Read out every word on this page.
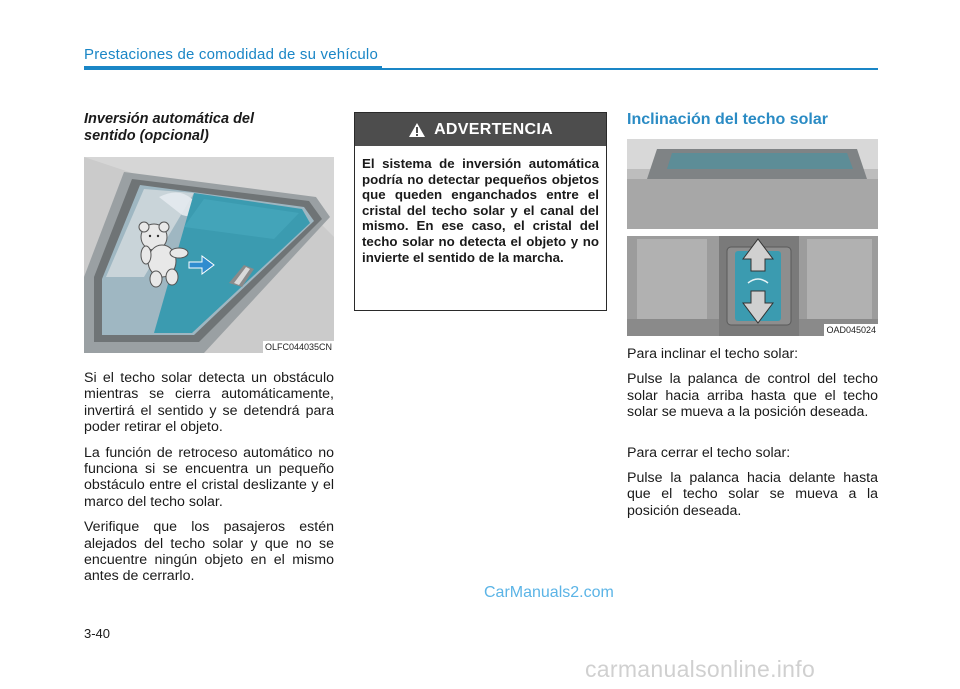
Prestaciones de comodidad de su vehículo
Inversión automática del sentido (opcional)
OLFC044035CN

Si el techo solar detecta un obstáculo mientras se cierra automáticamente, invertirá el sentido y se detendrá para poder retirar el objeto.

La función de retroceso automático no funciona si se encuentra un pequeño obstáculo entre el cristal deslizante y el marco del techo solar.

Verifique que los pasajeros estén alejados del techo solar y que no se encuentre ningún objeto en el mismo antes de cerrarlo.

ADVERTENCIA
El sistema de inversión automática podría no detectar pequeños objetos que queden enganchados entre el cristal del techo solar y el canal del mismo. En ese caso, el cristal del techo solar no detecta el objeto y no invierte el sentido de la marcha.
Inclinación del techo solar
OAD045024

Para inclinar el techo solar:

Pulse la palanca de control del techo solar hacia arriba hasta que el techo solar se mueva a la posición deseada.

Para cerrar el techo solar:

Pulse la palanca hacia delante hasta que el techo solar se mueva a la posición deseada.

3-40
CarManuals2.com
carmanualsonline.info
